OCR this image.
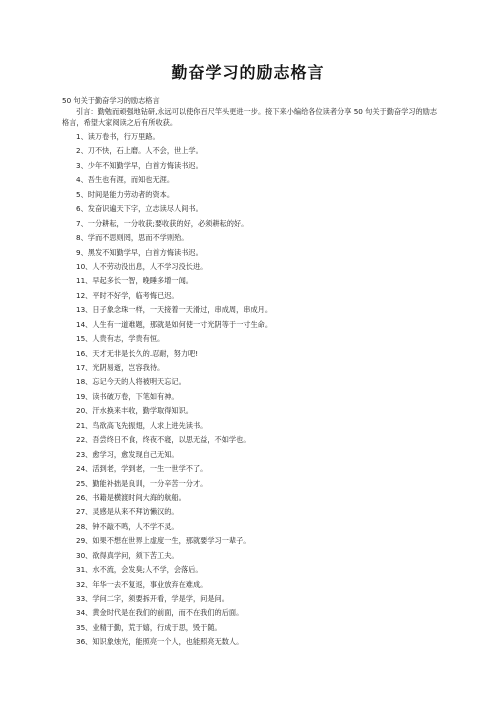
勤奋学习的励志格言
50 句关于勤奋学习的励志格言
引言：勤勉而顽强地钻研,永远可以使你百尺竿头更进一步。接下来小编给各位读者分享 50 句关于勤奋学习的励志格言，希望大家阅读之后有所收获。
1、读万卷书，行万里路。
2、刀不快，石上磨。人不会，世上学。
3、少年不知勤学早，白首方悔读书迟。
4、吾生也有涯，而知也无涯。
5、时间是能力劳动者的资本。
6、发奋识遍天下字，立志读尽人间书。
7、一分耕耘，一分收获;要收获的好，必须耕耘的好。
8、学而不思则罔，思而不学则殆。
9、黑发不知勤学早，白首方悔读书迟。
10、人不劳动没出息，人不学习没长进。
11、早起多长一智，晚睡多增一闻。
12、平时不好学，临考悔已迟。
13、日子象念珠一样，一天接着一天滑过，串成周，串成月。
14、人生有一道难题，那就是如何使一寸光阴等于一寸生命。
15、人贵有志，学贵有恒。
16、天才无非是长久的.忍耐，努力吧!
17、光阴易逝，岂容我待。
18、忘记今天的人将被明天忘记。
19、读书破万卷，下笔如有神。
20、汗水换来丰收，勤学取得知识。
21、鸟欲高飞先振翅，人求上进先读书。
22、吾尝终日不食，终夜不寝，以思无益，不如学也。
23、愈学习，愈发现自己无知。
24、活到老，学到老，一生一世学不了。
25、勤能补拙是良训，一分辛苦一分才。
26、书籍是横渡时间大海的航船。
27、灵感是从来不拜访懒汉的。
28、钟不敲不鸣，人不学不灵。
29、如果不想在世界上虚度一生，那就要学习一辈子。
30、欲得真学问，须下苦工夫。
31、水不流，会发臭;人不学，会落后。
32、年华一去不复返，事业放弃在难成。
33、学问二字，须要拆开看，学是学，问是问。
34、黄金时代是在我们的前面，而不在我们的后面。
35、业精于勤，荒于嬉，行成于思，毁于随。
36、知识象烛光，能照亮一个人，也能照亮无数人。
